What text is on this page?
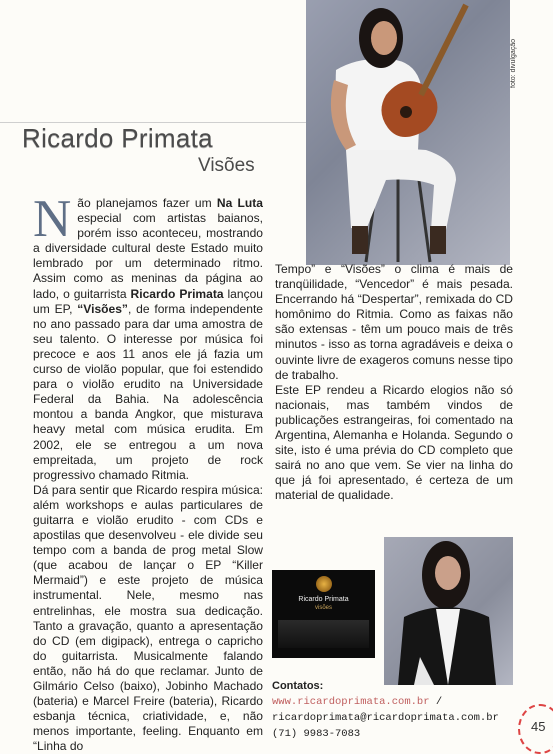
foto: divulgação
Ricardo Primata
Visões

N ão planejamos fazer um Na Luta especial com artistas baianos, porém isso aconteceu, mostrando a diversidade cultural deste Estado muito lembrado por um determinado ritmo. Assim como as meninas da página ao lado, o guitarrista Ricardo Primata lançou um EP, “Visões”, de forma independente no ano passado para dar uma amostra de seu talento. O interesse por música foi precoce e aos 11 anos ele já fazia um curso de violão popular, que foi estendido para o violão erudito na Universidade Federal da Bahia. Na adolescência montou a banda Angkor, que misturava heavy metal com música erudita. Em 2002, ele se entregou a um nova empreitada, um projeto de rock progressivo chamado Ritmia.

Dá para sentir que Ricardo respira música: além workshops e aulas particulares de guitarra e violão erudito - com CDs e apostilas que desenvolveu - ele divide seu tempo com a banda de prog metal Slow (que acabou de lançar o EP “Killer Mermaid”) e este projeto de música instrumental. Nele, mesmo nas entrelinhas, ele mostra sua dedicação. Tanto a gravação, quanto a apresentação do CD (em digipack), entrega o capricho do guitarrista. Musicalmente falando então, não há do que reclamar. Junto de Gilmário Celso (baixo), Jobinho Machado (bateria) e Marcel Freire (bateria), Ricardo esbanja técnica, criatividade, e, não menos importante, feeling. Enquanto em “Linha do

Tempo” e “Visões” o clima é mais de tranqüilidade, “Vencedor” é mais pesada. Encerrando há “Despertar”, remixada do CD homônimo do Ritmia. Como as faixas não são extensas - têm um pouco mais de três minutos - isso as torna agradáveis e deixa o ouvinte livre de exageros comuns nesse tipo de trabalho.

Este EP rendeu a Ricardo elogios não só nacionais, mas também vindos de publicações estrangeiras, foi comentado na Argentina, Alemanha e Holanda. Segundo o site, isto é uma prévia do CD completo que sairá no ano que vem. Se vier na linha do que já foi apresentado, é certeza de um material de qualidade.

Ricardo Primata
visões
Contatos:
www.ricardoprimata.com.br /
ricardoprimata@ricardoprimata.com.br
(71) 9983-7083	45
